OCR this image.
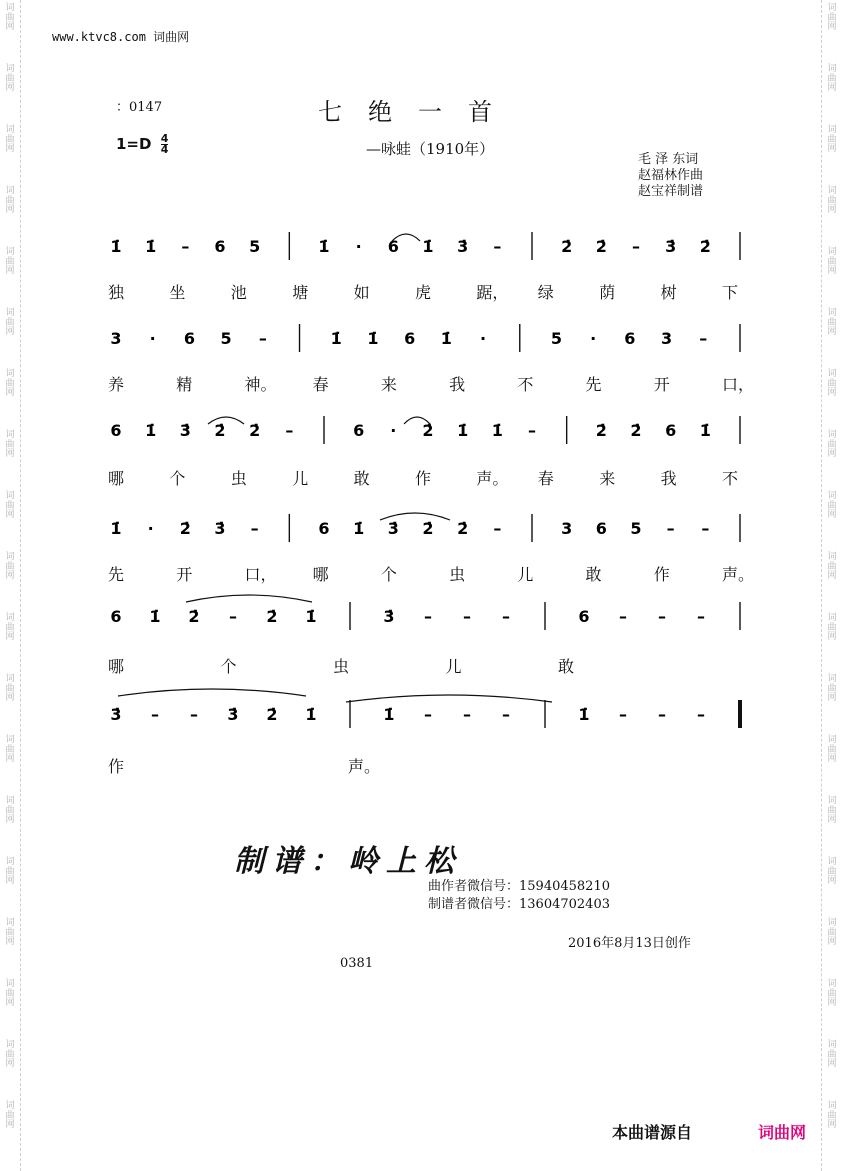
词
曲
网
词
曲
网
词
曲
网
词
曲
网
词
曲
网
词
曲
网
词
曲
网
词
曲
网
词
曲
网
词
曲
网
词
曲
网
词
曲
网
词
曲
网
词
曲
网
词
曲
网
词
曲
网
词
曲
网
词
曲
网
词
曲
网
词
曲
网
词
曲
网
词
曲
网
词
曲
网
词
曲
网
词
曲
网
词
曲
网
词
曲
网
词
曲
网
词
曲
网
词
曲
网
词
曲
网
词
曲
网
词
曲
网
词
曲
网
词
曲
网
词
曲
网
词
曲
网
词
曲
网
www.ktvc8.com 词曲网
：0147	七绝一首
—咏蛙（1910年）
$1=D \frac{4}{4}$
毛 泽 东词
赵福林作曲
赵宝祥制谱
1̇ 1̇ – 6 5	1̇ · 6 1̇ 3̇ –	2̇ 2̇ – 3̇ 2̇
3 · 6 5 –	1̇ 1̇ 6 1̇ ·	5 · 6 3 –
6 1̇ 3̇ 2̇ 2̇ –	6 · 2̇ 1̇ 1̇ –	2̇ 2̇ 6 1̇
1̇ · 2̇ 3̇ –	6 1̇ 3̇ 2̇ 2̇ –	3 6 5 – –
6 1̇ 2̇ – 2̇ 1̇	3̇ – – –	6 – – –
3̇ – – 3̇ 2̇ 1̇	1̇ – – –	1̇ – – –
独	坐	池	塘	如	虎	踞， 绿	荫	树	下
养	精	神。 春	来	我	不	先	开	口，
哪	个	虫	儿	敢	作	声。 春	来	我	不
先	开	口， 哪	个	虫	儿	敢	作	声。
哪	个	虫	儿	敢
作	声。
制谱：岭上松
曲作者微信号：15940458210
制谱者微信号：13604702403
2016年8月13日创作
0381
本曲谱源自	词曲网
